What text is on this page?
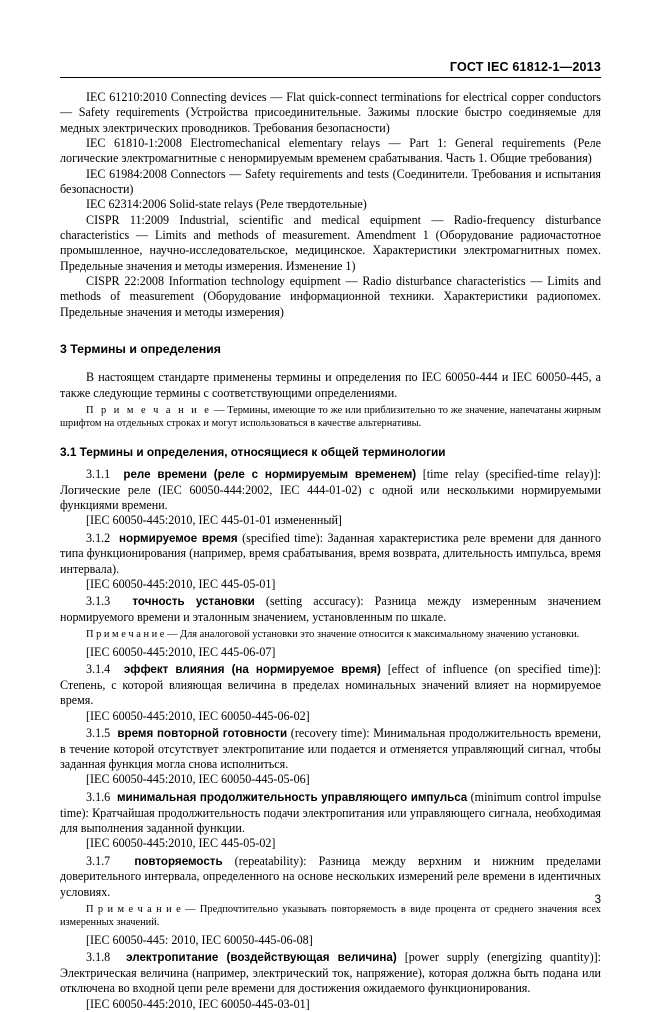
ГОСТ IEC 61812-1—2013

IEC 61210:2010 Connecting devices — Flat quick-connect terminations for electrical copper conductors — Safety requirements (Устройства присоединительные. Зажимы плоские быстро соединяемые для медных электрических проводников. Требования безопасности)

IEC 61810-1:2008 Electromechanical elementary relays — Part 1: General requirements (Реле логические электромагнитные с ненормируемым временем срабатывания. Часть 1. Общие требования)

IEC 61984:2008 Connectors — Safety requirements and tests (Соединители. Требования и испытания безопасности)

IEC 62314:2006 Solid-state relays (Реле твердотельные)

CISPR 11:2009 Industrial, scientific and medical equipment — Radio-frequency disturbance characteristics — Limits and methods of measurement. Amendment 1 (Оборудование радиочастотное промышленное, научно-исследовательское, медицинское. Характеристики электромагнитных помех. Предельные значения и методы измерения. Изменение 1)

CISPR 22:2008 Information technology equipment — Radio disturbance characteristics — Limits and methods of measurement (Оборудование информационной техники. Характеристики радиопомех. Предельные значения и методы измерения)

3 Термины и определения

В настоящем стандарте применены термины и определения по IEC 60050-444 и IEC 60050-445, а также следующие термины с соответствующими определениями.

П р и м е ч а н и е — Термины, имеющие то же или приблизительно то же значение, напечатаны жирным шрифтом на отдельных строках и могут использоваться в качестве альтернативы.

3.1 Термины и определения, относящиеся к общей терминологии

3.1.1 реле времени (реле с нормируемым временем) [time relay (specified-time relay)]: Логические реле (IEC 60050-444:2002, IEC 444-01-02) с одной или несколькими нормируемыми функциями времени.

[IEC 60050-445:2010, IEC 445-01-01 измененный]

3.1.2 нормируемое время (specified time): Заданная характеристика реле времени для данного типа функционирования (например, время срабатывания, время возврата, длительность импульса, время интервала).

[IEC 60050-445:2010, IEC 445-05-01]

3.1.3 точность установки (setting accuracy): Разница между измеренным значением нормируемого времени и эталонным значением, установленным по шкале.

П р и м е ч а н и е — Для аналоговой установки это значение относится к максимальному значению установки.

[IEC 60050-445:2010, IEC 445-06-07]

3.1.4 эффект влияния (на нормируемое время) [effect of influence (on specified time)]: Степень, с которой влияющая величина в пределах номинальных значений влияет на нормируемое время.

[IEC 60050-445:2010, IEC 60050-445-06-02]

3.1.5 время повторной готовности (recovery time): Минимальная продолжительность времени, в течение которой отсутствует электропитание или подается и отменяется управляющий сигнал, чтобы заданная функция могла снова исполниться.

[IEC 60050-445:2010, IEC 60050-445-05-06]

3.1.6 минимальная продолжительность управляющего импульса (minimum control impulse time): Кратчайшая продолжительность подачи электропитания или управляющего сигнала, необходимая для выполнения заданной функции.

[IEC 60050-445:2010, IEC 445-05-02]

3.1.7 повторяемость (repeatability): Разница между верхним и нижним пределами доверительного интервала, определенного на основе нескольких измерений реле времени в идентичных условиях.

П р и м е ч а н и е — Предпочтительно указывать повторяемость в виде процента от среднего значения всех измеренных значений.

[IEC 60050-445: 2010, IEC 60050-445-06-08]

3.1.8 электропитание (воздействующая величина) [power supply (energizing quantity)]: Электрическая величина (например, электрический ток, напряжение), которая должна быть подана или отключена во входной цепи реле времени для достижения ожидаемого функционирования.

[IEC 60050-445:2010, IEC 60050-445-03-01]

3
